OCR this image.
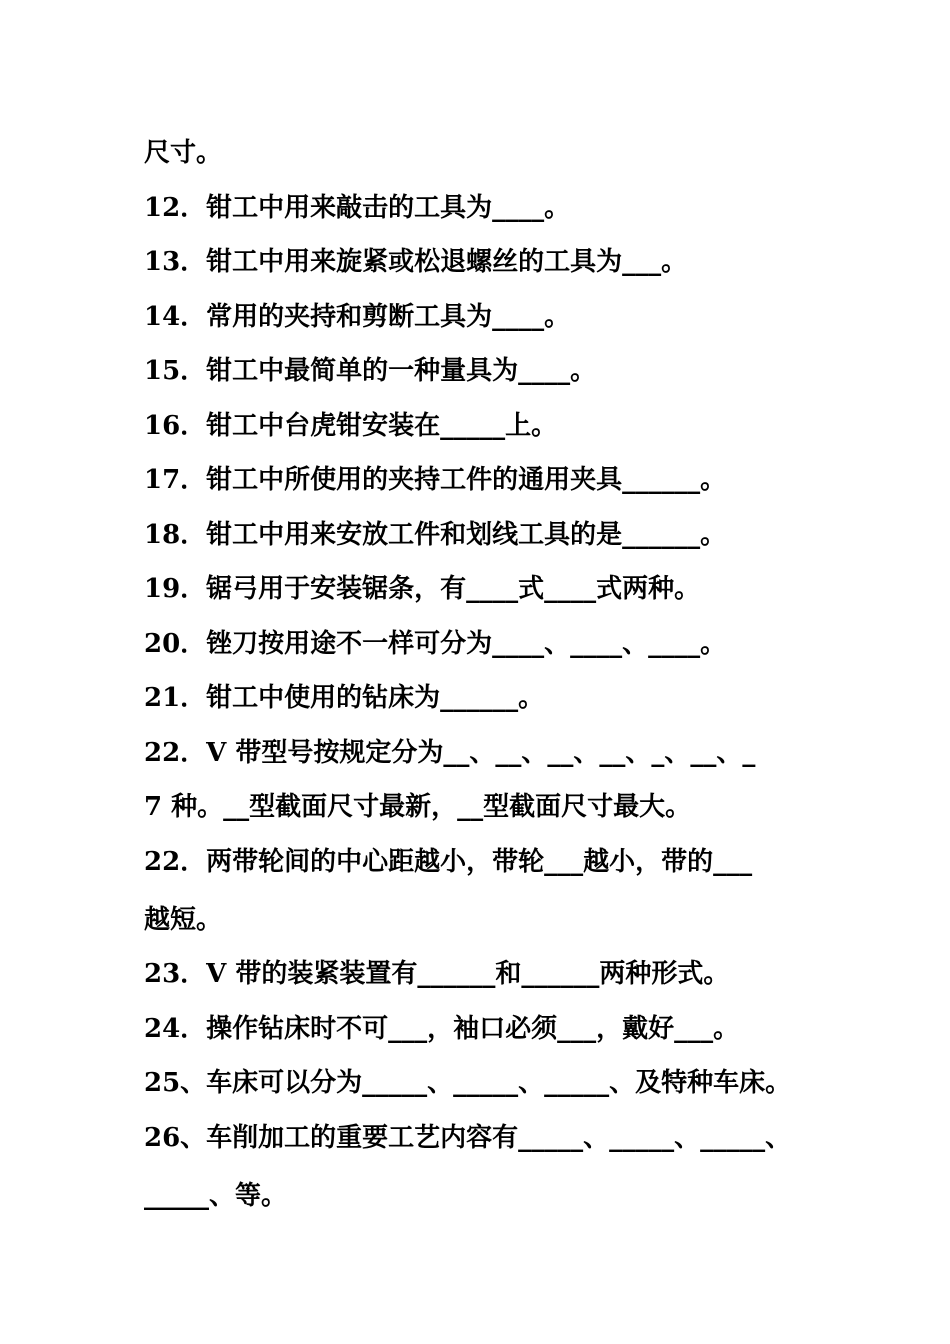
尺寸。
12．钳工中用来敲击的工具为____。
13．钳工中用来旋紧或松退螺丝的工具为___。
14．常用的夹持和剪断工具为____。
15．钳工中最简单的一种量具为____。
16．钳工中台虎钳安装在_____上。
17．钳工中所使用的夹持工件的通用夹具______。
18．钳工中用来安放工件和划线工具的是______。
19．锯弓用于安装锯条，有____式____式两种。
20．锉刀按用途不一样可分为____、____、____。
21．钳工中使用的钻床为______。
22．V 带型号按规定分为__、__、__、__、_、__、_
7 种。__型截面尺寸最新，__型截面尺寸最大。
22．两带轮间的中心距越小，带轮___越小，带的___
越短。
23．V 带的装紧装置有______和______两种形式。
24．操作钻床时不可___，袖口必须___，戴好___。
25、车床可以分为_____、_____、_____、及特种车床。
26、车削加工的重要工艺内容有_____、_____、_____、
_____、等。
